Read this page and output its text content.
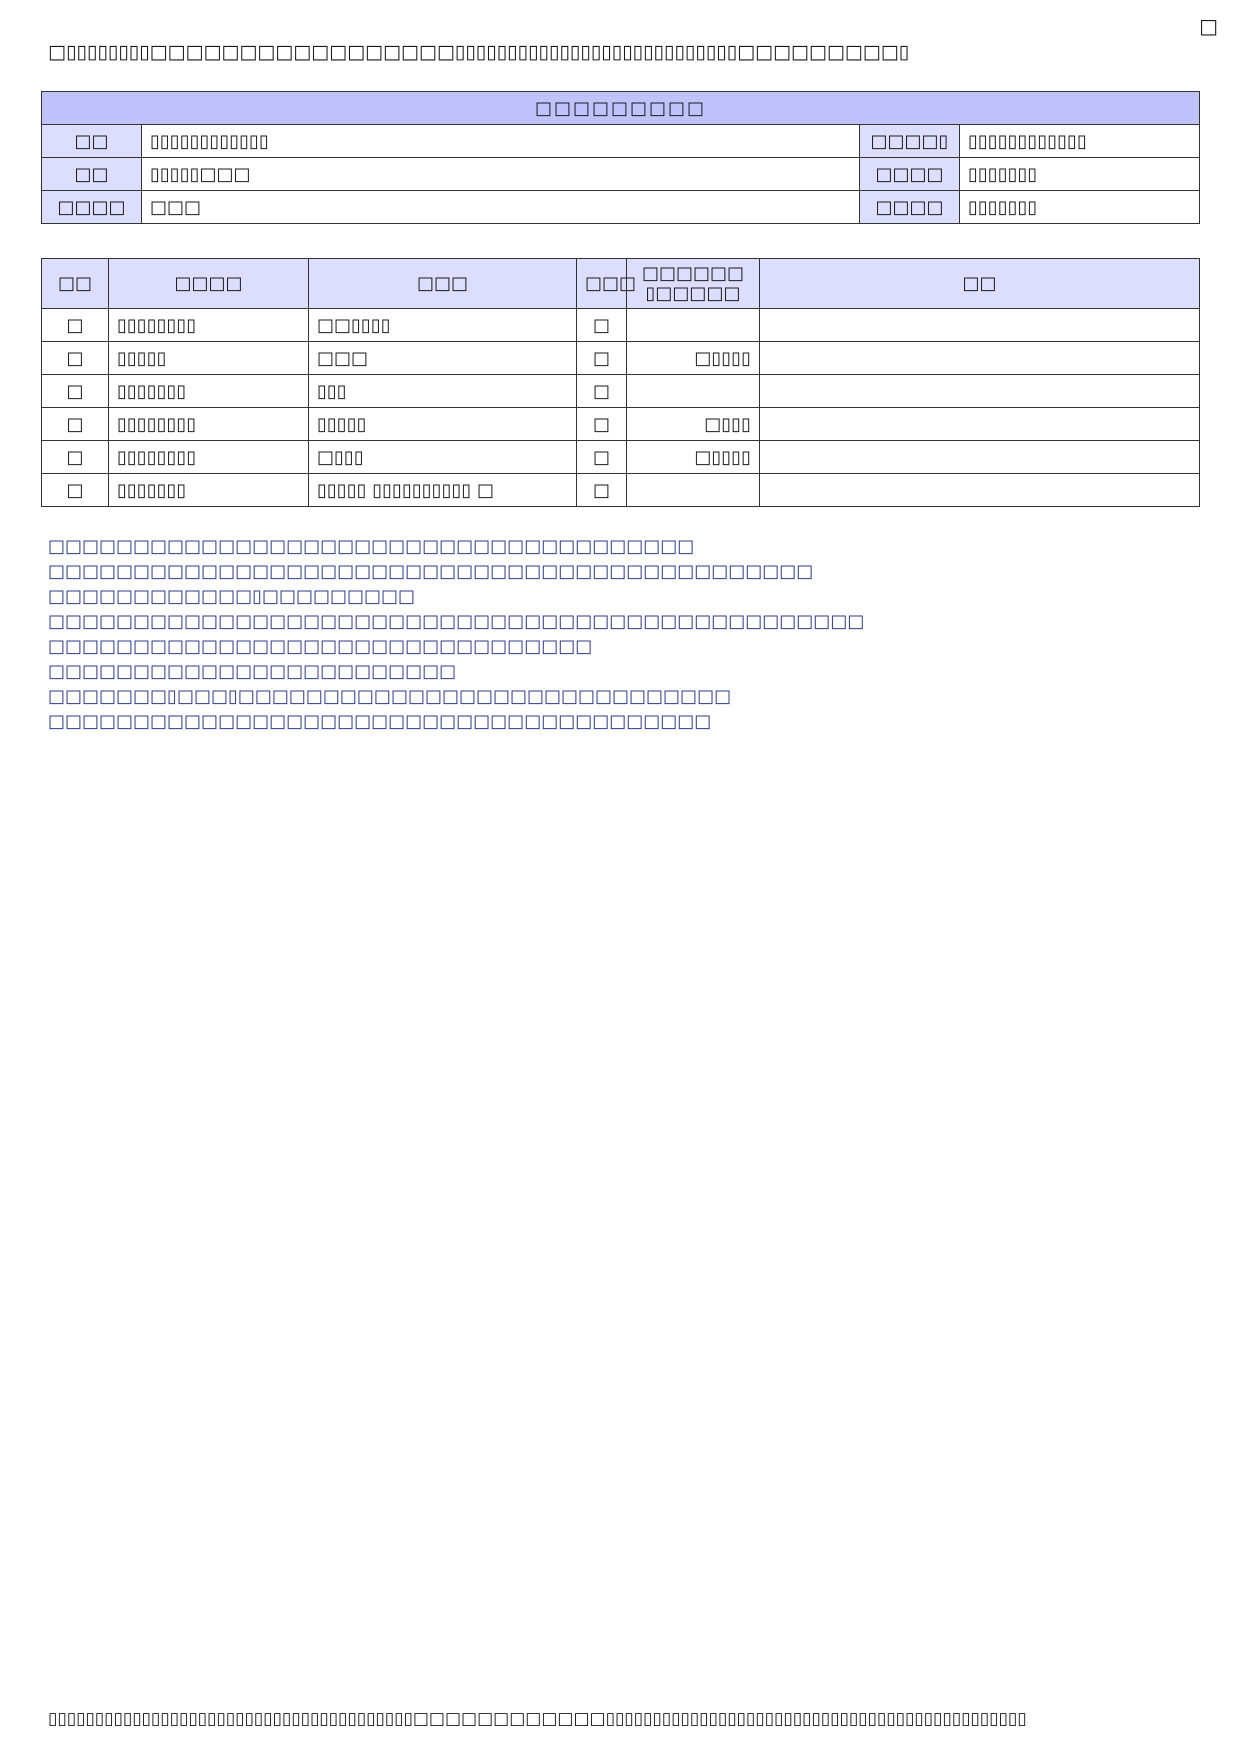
□
□▯▯▯▯▯▯▯▯□□□□□□□□□□□□□□□□□▯▯▯▯▯▯▯▯▯▯▯▯▯▯▯▯▯▯▯▯▯▯▯▯▯▯▯□□□□□□□□□▯
□□□□□□□□□			
□□	▯▯▯▯▯▯▯▯▯▯▯▯	□□□□▯	▯▯▯▯▯▯▯▯▯▯▯▯
□□	▯▯▯▯▯□□□	□□□□	▯▯▯▯▯▯▯
□□□□	□□□	□□□□	▯▯▯▯▯▯▯
□□	□□□□	□□□	□□□	□□□□□□ ▯□□□□□	□□
□	▯▯▯▯▯▯▯▯	□□▯▯▯▯	□		
□	▯▯▯▯▯	□□□	□	□▯▯▯▯	
□	▯▯▯▯▯▯▯	▯▯▯	□		
□	▯▯▯▯▯▯▯▯	▯▯▯▯▯	□	□▯▯▯	
□	▯▯▯▯▯▯▯▯	□▯▯▯	□	□▯▯▯▯	
□	▯▯▯▯▯▯▯	▯▯▯▯▯ ▯▯▯▯▯▯▯▯▯▯ □	□		
□□□□□□□□□□□□□□□□□□□□□□□□□□□□□□□□□□□□□□
□□□□□□□□□□□□□□□□□□□□□□□□□□□□□□□□□□□□□□□□□□□□□
□□□□□□□□□□□□▯□□□□□□□□□
□□□□□□□□□□□□□□□□□□□□□□□□□□□□□□□□□□□□□□□□□□□□□□□□
□□□□□□□□□□□□□□□□□□□□□□□□□□□□□□□□
□□□□□□□□□□□□□□□□□□□□□□□□
□□□□□□□▯□□□▯□□□□□□□□□□□□□□□□□□□□□□□□□□□□□
□□□□□□□□□□□□□□□□□□□□□□□□□□□□□□□□□□□□□□□
▯▯▯▯▯▯▯▯▯▯▯▯▯▯▯▯▯▯▯▯▯▯▯▯▯▯▯▯▯▯▯▯▯▯▯▯▯▯▯□□□□□□□□□□□□▯▯▯▯▯▯▯▯▯▯▯▯▯▯▯▯▯▯▯▯▯▯▯▯▯▯▯▯▯▯▯▯▯▯▯▯▯▯▯▯▯▯▯▯▯
